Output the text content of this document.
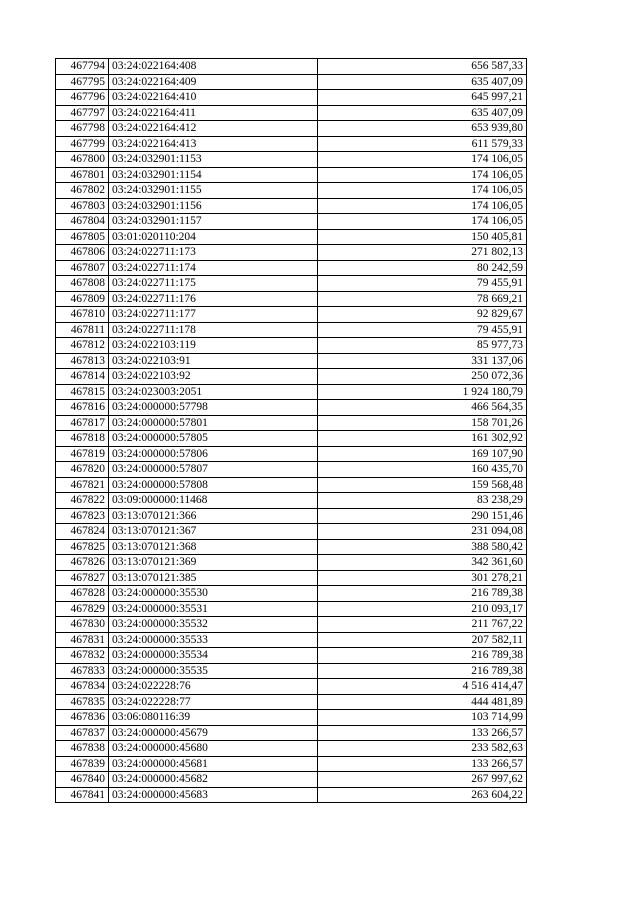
467794	03:24:022164:408	656 587,33
467795	03:24:022164:409	635 407,09
467796	03:24:022164:410	645 997,21
467797	03:24:022164:411	635 407,09
467798	03:24:022164:412	653 939,80
467799	03:24:022164:413	611 579,33
467800	03:24:032901:1153	174 106,05
467801	03:24:032901:1154	174 106,05
467802	03:24:032901:1155	174 106,05
467803	03:24:032901:1156	174 106,05
467804	03:24:032901:1157	174 106,05
467805	03:01:020110:204	150 405,81
467806	03:24:022711:173	271 802,13
467807	03:24:022711:174	80 242,59
467808	03:24:022711:175	79 455,91
467809	03:24:022711:176	78 669,21
467810	03:24:022711:177	92 829,67
467811	03:24:022711:178	79 455,91
467812	03:24:022103:119	85 977,73
467813	03:24:022103:91	331 137,06
467814	03:24:022103:92	250 072,36
467815	03:24:023003:2051	1 924 180,79
467816	03:24:000000:57798	466 564,35
467817	03:24:000000:57801	158 701,26
467818	03:24:000000:57805	161 302,92
467819	03:24:000000:57806	169 107,90
467820	03:24:000000:57807	160 435,70
467821	03:24:000000:57808	159 568,48
467822	03:09:000000:11468	83 238,29
467823	03:13:070121:366	290 151,46
467824	03:13:070121:367	231 094,08
467825	03:13:070121:368	388 580,42
467826	03:13:070121:369	342 361,60
467827	03:13:070121:385	301 278,21
467828	03:24:000000:35530	216 789,38
467829	03:24:000000:35531	210 093,17
467830	03:24:000000:35532	211 767,22
467831	03:24:000000:35533	207 582,11
467832	03:24:000000:35534	216 789,38
467833	03:24:000000:35535	216 789,38
467834	03:24:022228:76	4 516 414,47
467835	03:24:022228:77	444 481,89
467836	03:06:080116:39	103 714,99
467837	03:24:000000:45679	133 266,57
467838	03:24:000000:45680	233 582,63
467839	03:24:000000:45681	133 266,57
467840	03:24:000000:45682	267 997,62
467841	03:24:000000:45683	263 604,22
